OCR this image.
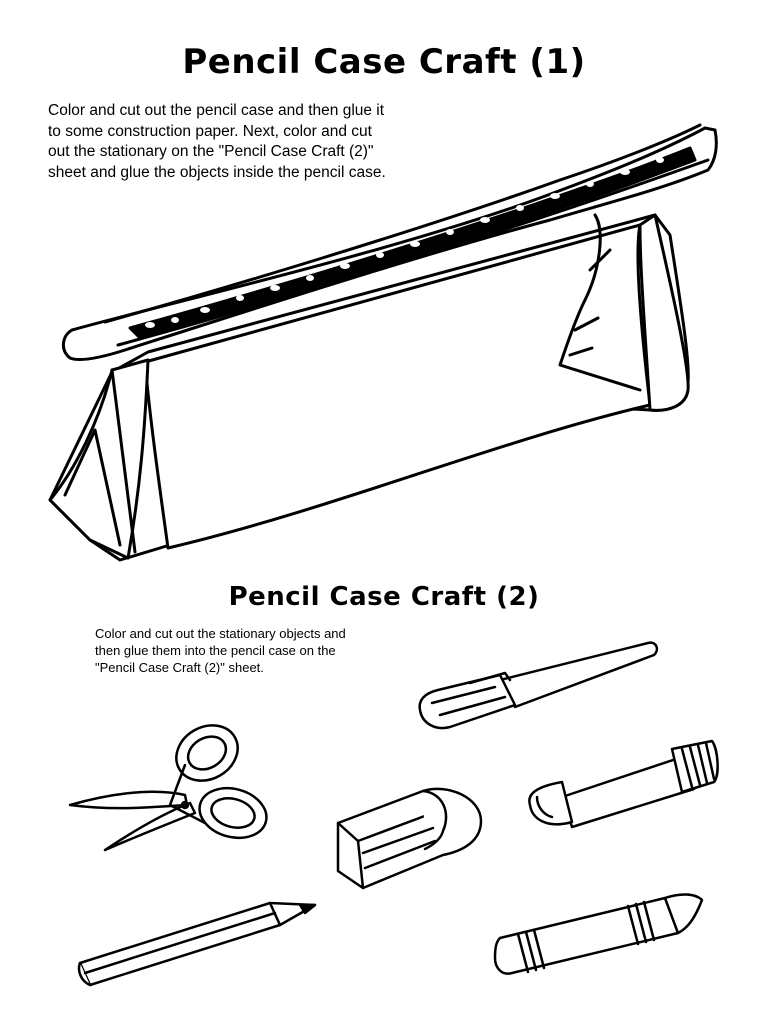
Pencil Case Craft (1)
Color and cut out the pencil case and then glue it to some construction paper. Next, color and cut out the stationary on the "Pencil Case Craft (2)" sheet and glue the objects inside the pencil case.
Pencil Case Craft (2)
Color and cut out the stationary objects and then glue them into the pencil case on the "Pencil Case Craft (2)" sheet.
